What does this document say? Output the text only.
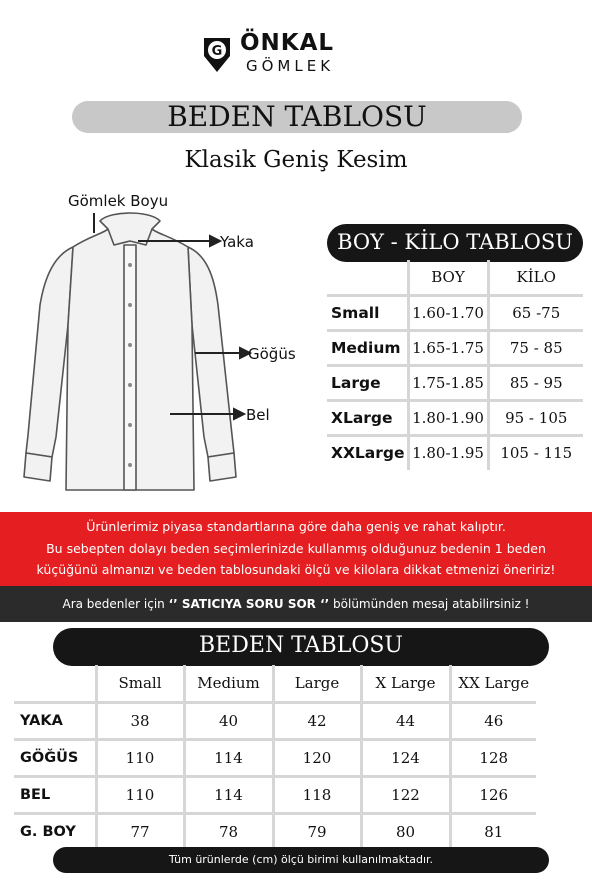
G ÖNKAL
GÖMLEK
BEDEN TABLOSU
Klasik Geniş Kesim
Gömlek Boyu
Yaka
Göğüs
Bel
BOY - KİLO TABLOSU
	BOY	KİLO
Small	1.60-1.70	65 -75
Medium	1.65-1.75	75 - 85
Large	1.75-1.85	85 - 95
XLarge	1.80-1.90	95 - 105
XXLarge	1.80-1.95	105 - 115
Ürünlerimiz piyasa standartlarına göre daha geniş ve rahat kalıptır.
Bu sebepten dolayı beden seçimlerinizde kullanmış olduğunuz bedenin 1 beden
küçüğünü almanızı ve beden tablosundaki ölçü ve kilolara dikkat etmenizi öneririz!
Ara bedenler için ‘’ SATICIYA SORU SOR ‘’ bölümünden mesaj atabilirsiniz !
BEDEN TABLOSU
	Small	Medium	Large	X Large	XX Large
YAKA	38	40	42	44	46
GÖĞÜS	110	114	120	124	128
BEL	110	114	118	122	126
G. BOY	77	78	79	80	81
Tüm ürünlerde (cm) ölçü birimi kullanılmaktadır.
